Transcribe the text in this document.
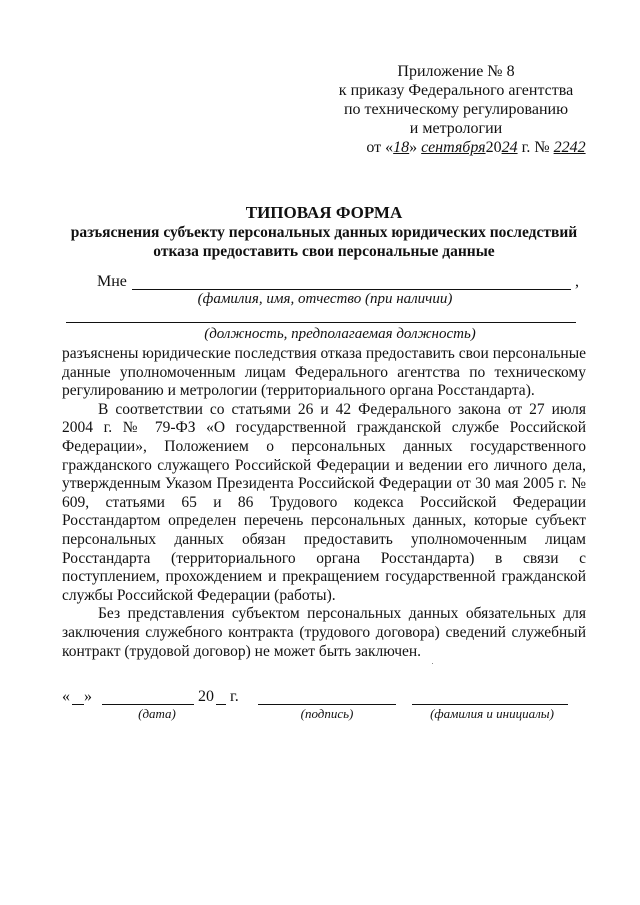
Приложение № 8
к приказу Федерального агентства
по техническому регулированию
и метрологии
от «18» сентября2024 г. № 2242
ТИПОВАЯ ФОРМА
разъяснения субъекту персональных данных юридических последствий
отказа предоставить свои персональные данные
Мне	,
(фамилия, имя, отчество (при наличии)
(должность, предполагаемая должность)

разъяснены юридические последствия отказа предоставить свои персональные данные уполномоченным лицам Федерального агентства по техническому регулированию и метрологии (территориального органа Росстандарта).

В соответствии со статьями 26 и 42 Федерального закона от 27 июля 2004 г. № 79-ФЗ «О государственной гражданской службе Российской Федерации», Положением о персональных данных государственного гражданского служащего Российской Федерации и ведении его личного дела, утвержденным Указом Президента Российской Федерации от 30 мая 2005 г. № 609, статьями 65 и 86 Трудового кодекса Российской Федерации Росстандартом определен перечень персональных данных, которые субъект персональных данных обязан предоставить уполномоченным лицам Росстандарта (территориального органа Росстандарта) в связи с поступлением, прохождением и прекращением государственной гражданской службы Российской Федерации (работы).

Без представления субъектом персональных данных обязательных для заключения служебного контракта (трудового договора) сведений служебный контракт (трудовой договор) не может быть заключен.

« »	20 г.
(дата)	(подпись)	(фамилия и инициалы)
